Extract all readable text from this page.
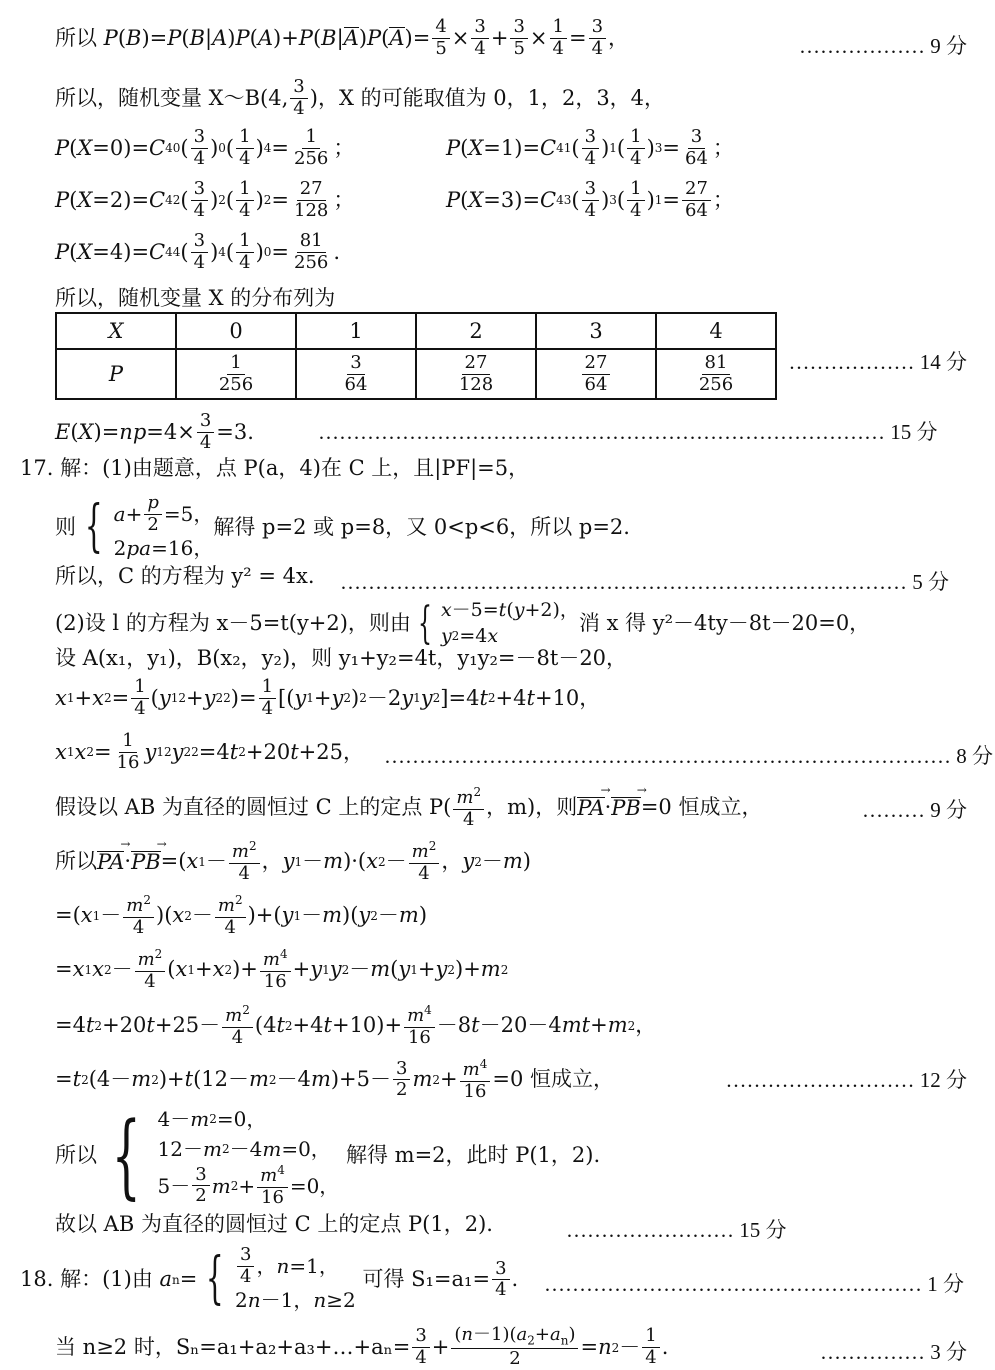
所以 P ( B )= P ( B | A ) P ( A )+ P ( B | A ) P ( A )= $\frac{4}{5} \times \frac{3}{4} + \frac{3}{5} \times \frac{1}{4} = \frac{3}{4}$ ，	……………… 9 分
所以，随机变量 X～B(4, $\frac{3}{4}$ )，X 的可能取值为 0，1，2，3，4，
P ( X =0)= C 4 0 ( $\frac{3}{4}$ ) 0 ( $\frac{1}{4}$ ) $4 = \frac{1}{256}$ ；	P ( X =1)= C 4 1 ( $\frac{3}{4}$ ) 1 ( $\frac{1}{4}$ ) $3 = \frac{3}{64}$ ；
P ( X =2)= C 4 2 ( $\frac{3}{4}$ ) 2 ( $\frac{1}{4}$ ) $2 = \frac{27}{128}$ ；	P ( X =3)= C 4 3 ( $\frac{3}{4}$ ) 3 ( $\frac{1}{4}$ ) $1 = \frac{27}{64}$ ；
P ( X =4)= C 4 4 ( $\frac{3}{4}$ ) 4 ( $\frac{1}{4}$ ) $0 = \frac{81}{256}$ .
所以，随机变量 X 的分布列为
X	0	1	2	3	4
P	$\frac{1}{256}$	$\frac{3}{64}$	$\frac{27}{128}$	$\frac{27}{64}$	$\frac{81}{256}$ ……………… 14 分
E ( X )= np $=4\times \frac{3}{4} =3$.	……………………………………………………………………… 15 分
17. 解：(1)由题意，点 P(a，4)在 C 上，且|PF|=5，
则 { $a + \frac{p}{2} =5$，
2 pa =16，
解得 p=2 或 p=8，又 0<p<6，所以 p=2.
所以，C 的方程为 y² = 4x. ……………………………………………………………………… 5 分
(2)设 l 的方程为 x－5=t(y+2)，则由 { x －5= t ( y +2)，
y 2 =4 x
消 x 得 y²－4ty－8t－20=0，
设 A(x₁，y₁)，B(x₂，y₂)，则 y₁+y₂=4t，y₁y₂=－8t－20，
x 1 + x $2 = \frac{1}{4}$ ( y 1 2 + y 2 2 )= $\frac{1}{4}$ [( y 1 + y 2 ) 2 －2 y 1 y 2 ]=4 t 2 +4 t +10，
x 1 x $2 = \frac{1}{16}$ y 1 2 y 2 2 =4 t 2 +20 t +25， ……………………………………………………………………… 8 分
假设以 AB 为直径的圆恒过 C 上的定点 $P( \frac{m^2}{4}$ ，m)，则 PA → · PB → =0 恒成立，	……… 9 分
所以 PA → · PB → =( x $1 - \frac{m^2}{4}$ ， y 1 － m )·( x $2 - \frac{m^2}{4}$ ， y 2 － m )
=( x $1 - \frac{m^2}{4}$ )( x $2 - \frac{m^2}{4}$ )+( y 1 － m )( y 2 － m )
= x 1 x $2 - \frac{m^2}{4}$ ( x 1 + x 2 )+ $\frac{m^4}{16} + y$ 1 y 2 － m ( y 1 + y 2 )+ m 2
=4 t 2 +20 $t +25- \frac{m^2}{4} (4$ t 2 +4 $t +10)+ \frac{m^4}{16} -8$ t －20－4 mt + m 2 ，
= t 2 (4－ m 2 )+ t (12－ m 2 －4 m )$+5- \frac{3}{2}$ m $2 + \frac{m^4}{16} =0$ 恒成立，	……………………… 12 分
所以 { 4－ m 2 =0，
12－ m 2 －4 m =0，
$5- \frac{3}{2}$ m $2 + \frac{m^4}{16} =0$，

解得 m=2，此时 P(1，2).
故以 AB 为直径的圆恒过 C 上的定点 P(1，2).	…………………… 15 分
18. 解：(1)由
a n = { $\frac{3}{4}$ ， n =1，
2 n －1， n ≥2

可得 $S_1=a_1= \frac{3}{4}$ . ……………………………………………… 1 分
当 n≥2 时，Sₙ=a₁+a₂+a₃+…+aₙ= $\frac{3}{4} + \frac{(n-1)(a_2+a_n)}{2} = n$ $2 - \frac{1}{4}$ .	…………… 3 分
